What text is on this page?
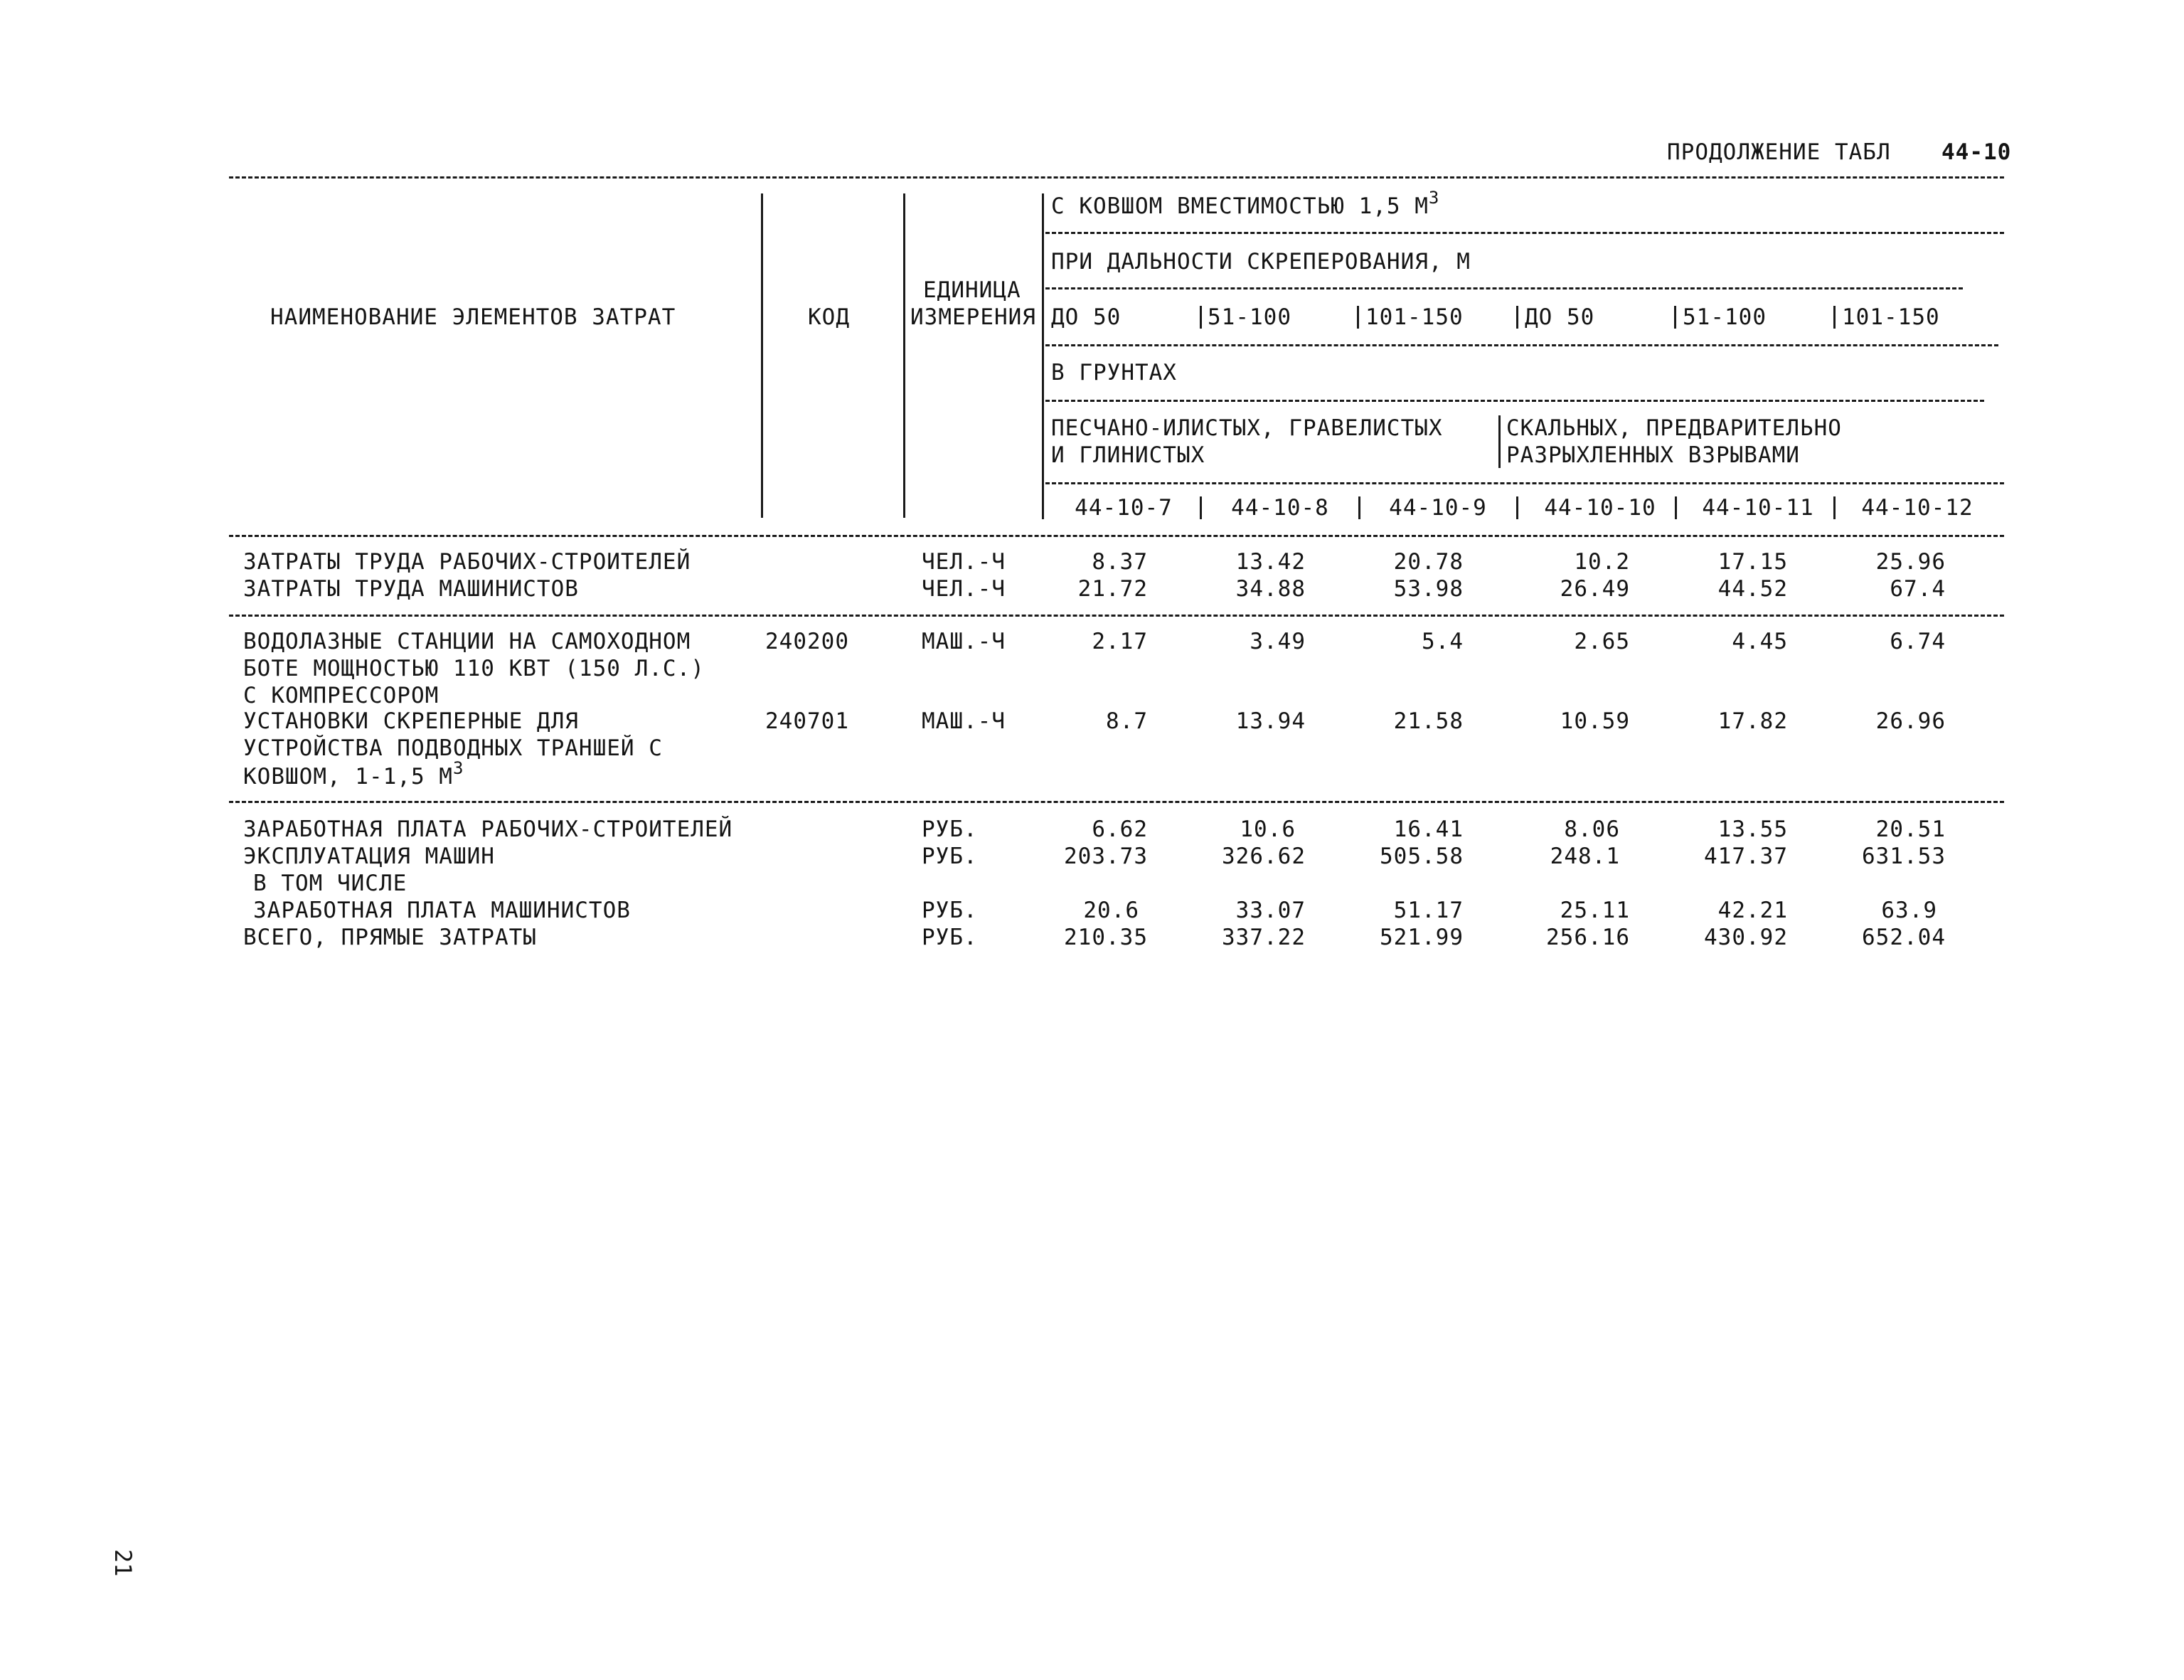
ПРОДОЛЖЕНИЕ ТАБЛ 44-10
НАИМЕНОВАНИЕ ЭЛЕМЕНТОВ ЗАТРАТ	КОД
ЕДИНИЦА
ИЗМЕРЕНИЯ
С КОВШОМ ВМЕСТИМОСТЬЮ 1,5 $М^3$
ПРИ ДАЛЬНОСТИ СКРЕПЕРОВАНИЯ, М
ДО 50	51-100	101-150	ДО 50	51-100	101-150
В ГРУНТАХ
ПЕСЧАНО-ИЛИСТЫХ, ГРАВЕЛИСТЫХ
И ГЛИНИСТЫХ
СКАЛЬНЫХ, ПРЕДВАРИТЕЛЬНО
РАЗРЫХЛЕННЫХ ВЗРЫВАМИ
44-10-7	44-10-8	44-10-9	44-10-10	44-10-11	44-10-12
ЗАТРАТЫ ТРУДА РАБОЧИХ-СТРОИТЕЛЕЙ	ЧЕЛ.-Ч	8.37	13.42	20.78	10.2	17.15	25.96
ЗАТРАТЫ ТРУДА МАШИНИСТОВ	ЧЕЛ.-Ч	21.72	34.88	53.98	26.49	44.52	67.4
ВОДОЛАЗНЫЕ СТАНЦИИ НА САМОХОДНОМ
БОТЕ МОЩНОСТЬЮ 110 КВТ (150 Л.С.)
С КОМПРЕССОРОМ
240200	МАШ.-Ч	2.17	3.49	5.4	2.65	4.45	6.74
УСТАНОВКИ СКРЕПЕРНЫЕ ДЛЯ
УСТРОЙСТВА ПОДВОДНЫХ ТРАНШЕЙ С
КОВШОМ, 1-1,5 $М^3$
240701	МАШ.-Ч	8.7	13.94	21.58	10.59	17.82	26.96
ЗАРАБОТНАЯ ПЛАТА РАБОЧИХ-СТРОИТЕЛЕЙ	РУБ.	6.62	10.6	16.41	8.06	13.55	20.51
ЭКСПЛУАТАЦИЯ МАШИН	РУБ.	203.73	326.62	505.58	248.1	417.37	631.53
В ТОМ ЧИСЛЕ
ЗАРАБОТНАЯ ПЛАТА МАШИНИСТОВ	РУБ.	20.6	33.07	51.17	25.11	42.21	63.9
ВСЕГО, ПРЯМЫЕ ЗАТРАТЫ	РУБ.	210.35	337.22	521.99	256.16	430.92	652.04
21
